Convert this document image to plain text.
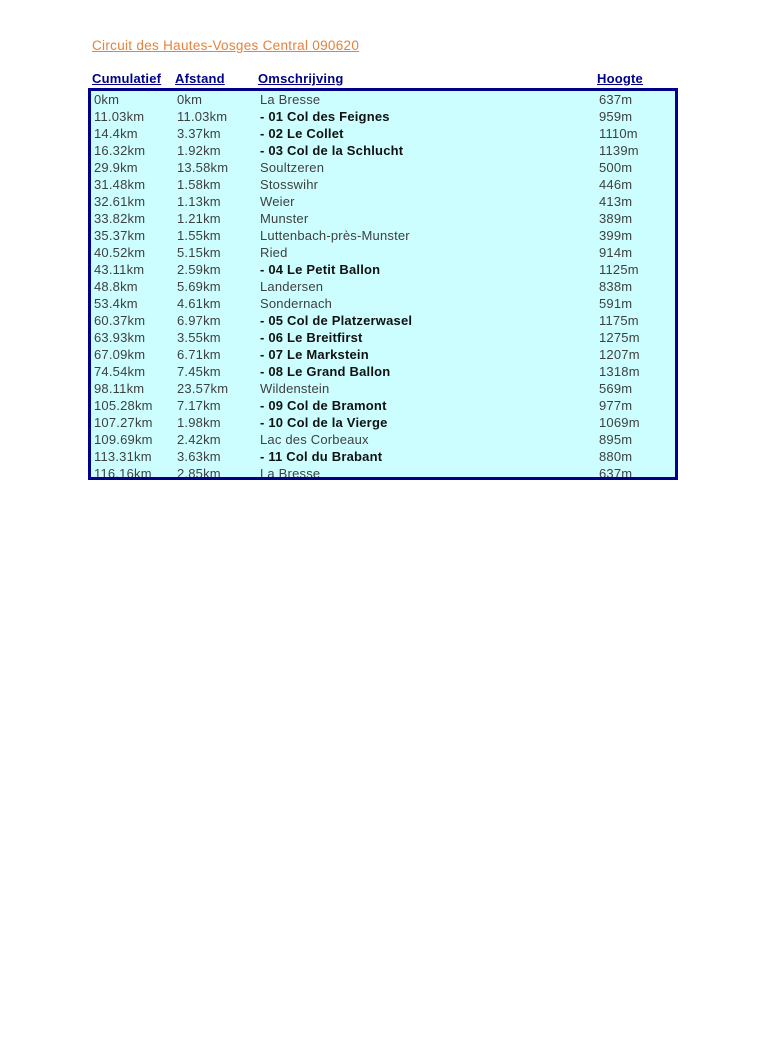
Circuit des Hautes-Vosges Central 090620
Cumulatief	Afstand	Omschrijving	Hoogte
0km	0km	La Bresse	637m
11.03km	11.03km	- 01 Col des Feignes	959m
14.4km	3.37km	- 02 Le Collet	1110m
16.32km	1.92km	- 03 Col de la Schlucht	1139m
29.9km	13.58km	Soultzeren	500m
31.48km	1.58km	Stosswihr	446m
32.61km	1.13km	Weier	413m
33.82km	1.21km	Munster	389m
35.37km	1.55km	Luttenbach-près-Munster	399m
40.52km	5.15km	Ried	914m
43.11km	2.59km	- 04 Le Petit Ballon	1125m
48.8km	5.69km	Landersen	838m
53.4km	4.61km	Sondernach	591m
60.37km	6.97km	- 05 Col de Platzerwasel	1175m
63.93km	3.55km	- 06 Le Breitfirst	1275m
67.09km	6.71km	- 07 Le Markstein	1207m
74.54km	7.45km	- 08 Le Grand Ballon	1318m
98.11km	23.57km	Wildenstein	569m
105.28km	7.17km	- 09 Col de Bramont	977m
107.27km	1.98km	- 10 Col de la Vierge	1069m
109.69km	2.42km	Lac des Corbeaux	895m
113.31km	3.63km	- 11 Col du Brabant	880m
116.16km	2.85km	La Bresse	637m
